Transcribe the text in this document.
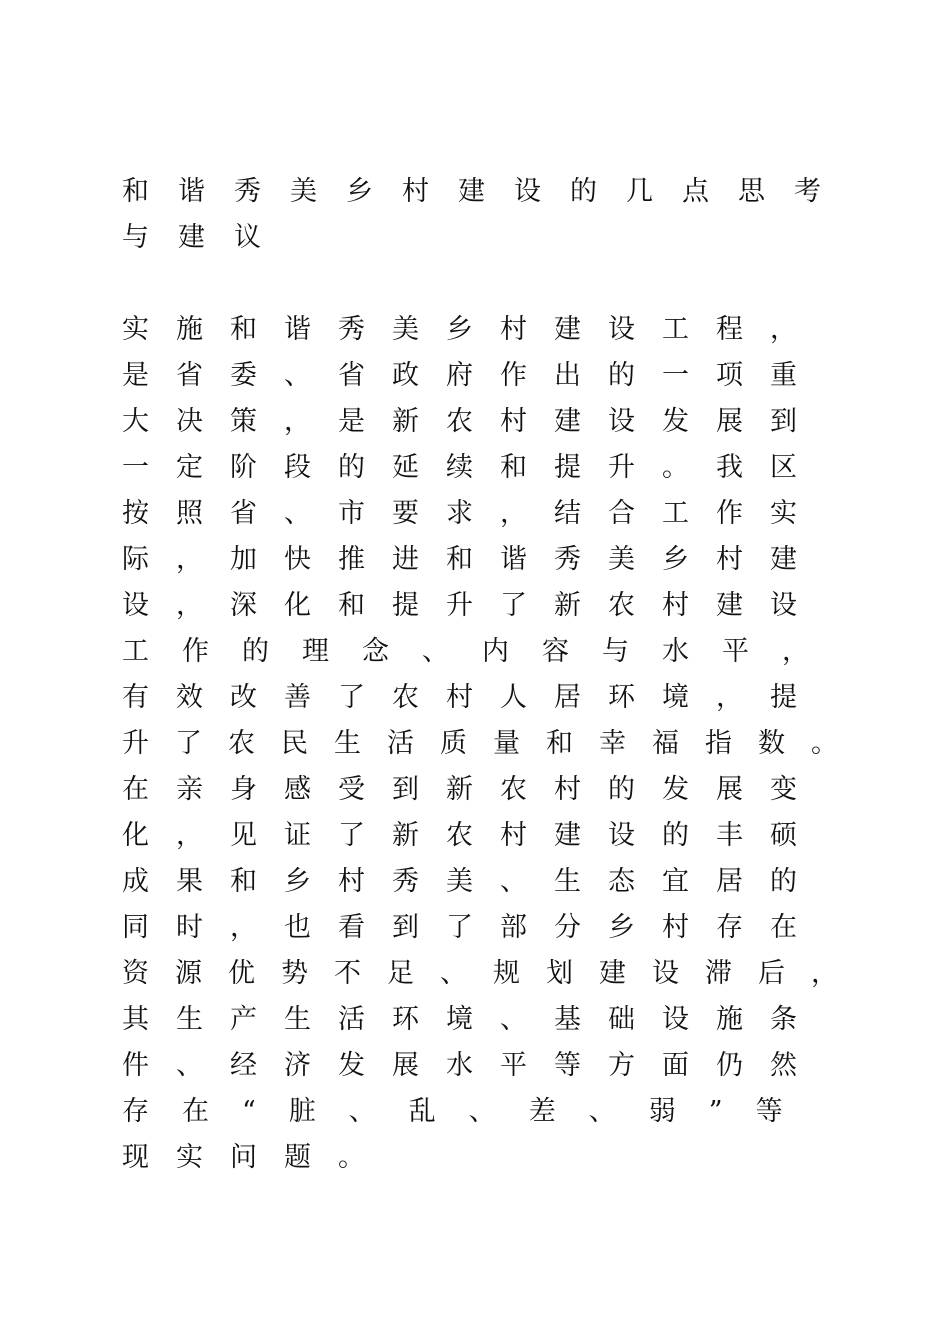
和谐秀美乡村建设的几点思考
与建议
实施和谐秀美乡村建设工程，
是省委、省政府作出的一项重
大决策，是新农村建设发展到
一定阶段的延续和提升。我区
按照省、市要求，结合工作实
际，加快推进和谐秀美乡村建
设，深化和提升了新农村建设
工作的理念、内容与水平，
有效改善了农村人居环境，提
升了农民生活质量和幸福指数。
在亲身感受到新农村的发展变
化，见证了新农村建设的丰硕
成果和乡村秀美、生态宜居的
同时，也看到了部分乡村存在
资源优势不足、规划建设滞后，
其生产生活环境、基础设施条
件、经济发展水平等方面仍然
存在“脏、乱、差、弱”等
现实问题。
